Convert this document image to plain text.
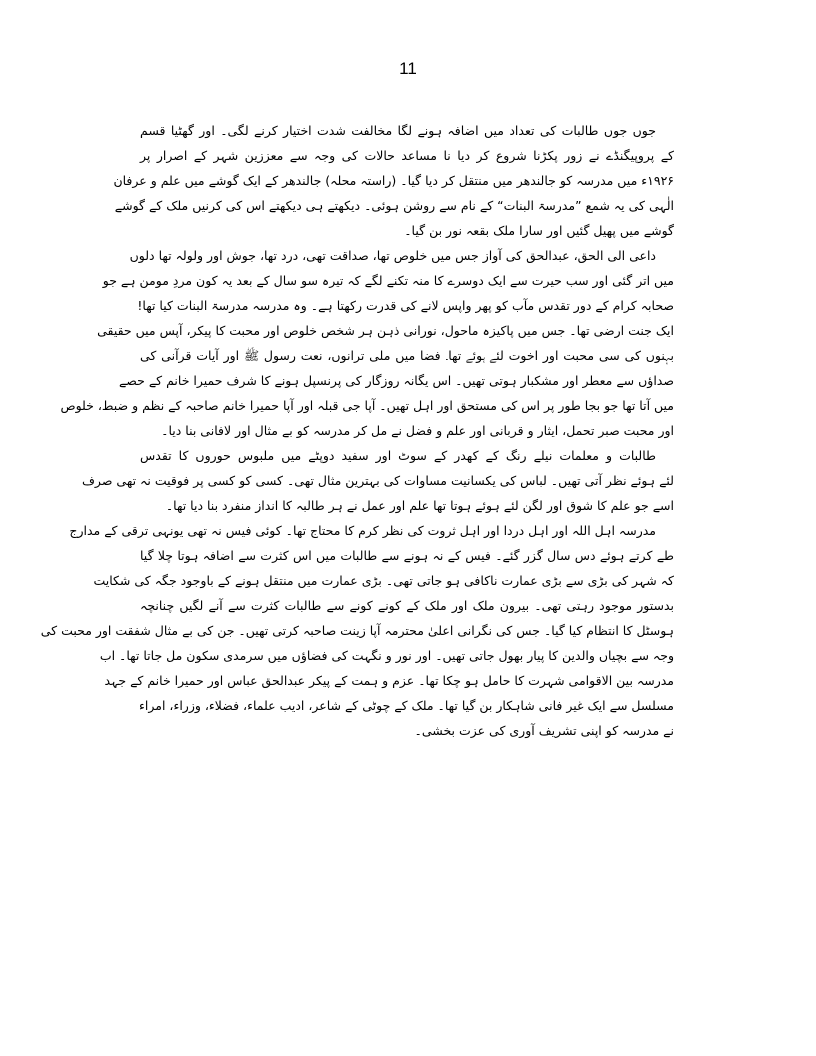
11
جوں جوں طالبات کی تعداد میں اضافہ ہونے لگا مخالفت شدت اختیار کرنے لگی۔ اور گھٹیا قسم
کے پروپیگنڈے نے زور پکڑنا شروع کر دیا نا مساعد حالات کی وجہ سے معززین شہر کے اصرار پر
۱۹۲۶ء میں مدرسہ کو جالندھر میں منتقل کر دیا گیا۔ (راستہ محلہ) جالندھر کے ایک گوشے میں علم و عرفان
الٰہی کی یہ شمع ”مدرسۃ البنات“ کے نام سے روشن ہوئی۔ دیکھتے ہی دیکھتے اس کی کرنیں ملک کے گوشے
گوشے میں پھیل گئیں اور سارا ملک بقعہ نور بن گیا۔
داعی الی الحق، عبدالحق کی آواز جس میں خلوص تھا، صداقت تھی، درد تھا، جوش اور ولولہ تھا دلوں
میں اتر گئی اور سب حیرت سے ایک دوسرے کا منہ تکنے لگے کہ تیرہ سو سال کے بعد یہ کون مردِ مومن ہے جو
صحابہ کرام کے دور تقدس مآب کو پھر واپس لانے کی قدرت رکھتا ہے۔ وہ مدرسہ مدرسۃ البنات کیا تھا!
ایک جنت ارضی تھا۔ جس میں پاکیزہ ماحول، نورانی ذہن ہر شخص خلوص اور محبت کا پیکر، آپس میں حقیقی
بہنوں کی سی محبت اور اخوت لئے ہوئے تھا۔ فضا میں ملی ترانوں، نعت رسول ﷺ اور آیات قرآنی کی
صداؤں سے معطر اور مشکبار ہوتی تھیں۔ اس یگانہ روزگار کی پرنسپل ہونے کا شرف حمیرا خانم کے حصے
میں آتا تھا جو بجا طور پر اس کی مستحق اور اہل تھیں۔ آپا جی قبلہ اور آپا حمیرا خانم صاحبہ کے نظم و ضبط، خلوص
اور محبت صبر تحمل، ایثار و قربانی اور علم و فضل نے مل کر مدرسہ کو بے مثال اور لافانی بنا دیا۔
طالبات و معلمات نیلے رنگ کے کھدر کے سوٹ اور سفید دوپٹے میں ملبوس حوروں کا تقدس
لئے ہوئے نظر آتی تھیں۔ لباس کی یکسانیت مساوات کی بہترین مثال تھی۔ کسی کو کسی پر فوقیت نہ تھی صرف
اسے جو علم کا شوق اور لگن لئے ہوئے ہوتا تھا علم اور عمل نے ہر طالبہ کا انداز منفرد بنا دیا تھا۔
مدرسہ اہل اللہ اور اہل دردا اور اہل ثروت کی نظر کرم کا محتاج تھا۔ کوئی فیس نہ تھی یونہی ترقی کے مدارج
طے کرتے ہوئے دس سال گزر گئے۔ فیس کے نہ ہونے سے طالبات میں اس کثرت سے اضافہ ہوتا چلا گیا
کہ شہر کی بڑی سے بڑی عمارت ناکافی ہو جاتی تھی۔ بڑی عمارت میں منتقل ہونے کے باوجود جگہ کی شکایت
بدستور موجود رہتی تھی۔ بیرون ملک اور ملک کے کونے کونے سے طالبات کثرت سے آنے لگیں چنانچہ
ہوسٹل کا انتظام کیا گیا۔ جس کی نگرانی اعلیٰ محترمہ آپا زینت صاحبہ کرتی تھیں۔ جن کی بے مثال شفقت اور محبت کی
وجہ سے بچیاں والدین کا پیار بھول جاتی تھیں۔ اور نور و نگہت کی فضاؤں میں سرمدی سکون مل جاتا تھا۔ اب
مدرسہ بین الاقوامی شہرت کا حامل ہو چکا تھا۔ عزم و ہمت کے پیکر عبدالحق عباس اور حمیرا خانم کے جہد
مسلسل سے ایک غیر فانی شاہکار بن گیا تھا۔ ملک کے چوٹی کے شاعر، ادیب علماء، فضلاء، وزراء، امراء
نے مدرسہ کو اپنی تشریف آوری کی عزت بخشی۔
